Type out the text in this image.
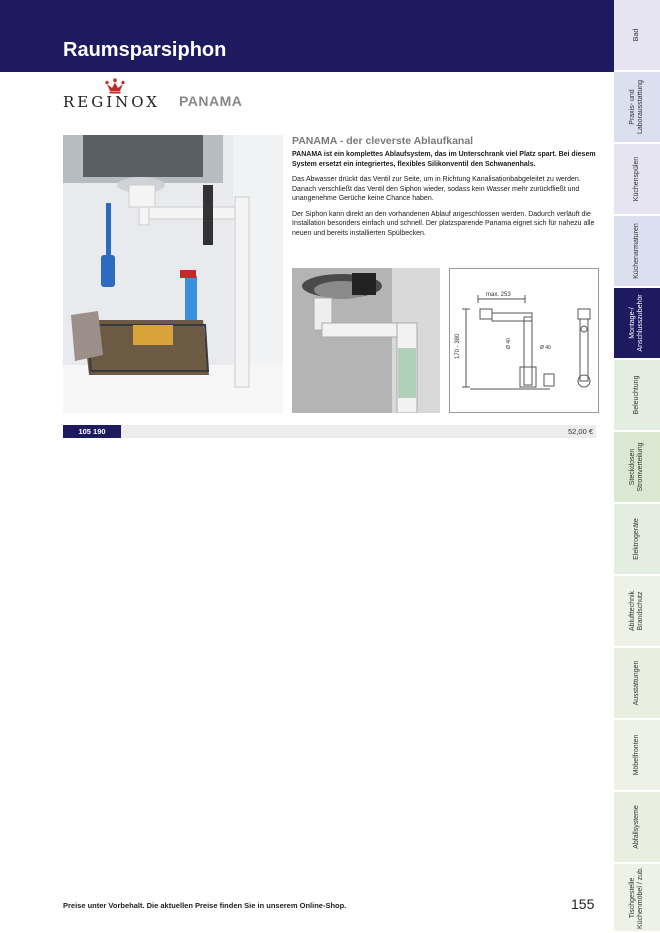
Raumsparsiphon
REGINOX PANAMA
PANAMA - der cleverste Ablaufkanal

PANAMA ist ein komplettes Ablaufsystem, das im Unterschrank viel Platz spart. Bei diesem System ersetzt ein integriertes, flexibles Silikonventil den Schwanenhals.

Das Abwasser drückt das Ventil zur Seite, um in Richtung Kanalisationbabgeleitet zu werden. Danach verschließt das Ventil den Siphon wieder, sodass kein Wasser mehr zurückfließt und unangenehme Gerüche keine Chance haben.

Der Siphon kann direkt an den vorhandenen Ablauf angeschlossen werden. Dadurch verläuft die Installation besonders einfach und schnell. Der platzsparende Panama eignet sich für nahezu alle neuen und bereits installierten Spülbecken.

max. 253
170 - 380	Ø 40	Ø 40
105 190	52,00 €
Preise unter Vorbehalt. Die aktuellen Preise finden Sie in unserem Online-Shop.	155
Bad
Praxis- und
Laborausstattung
Küchenspülen
Küchenarmaturen
Montage-/
Anschlusszubehör
Beleuchtung
Steckdosen
Stromverteilung
Elektrogeräte
Ablufttechnik
Brandschutz
Ausstattungen
Möbelfronten
Abfallsysteme
Tischgestelle
Küchenmöbel / zub.
